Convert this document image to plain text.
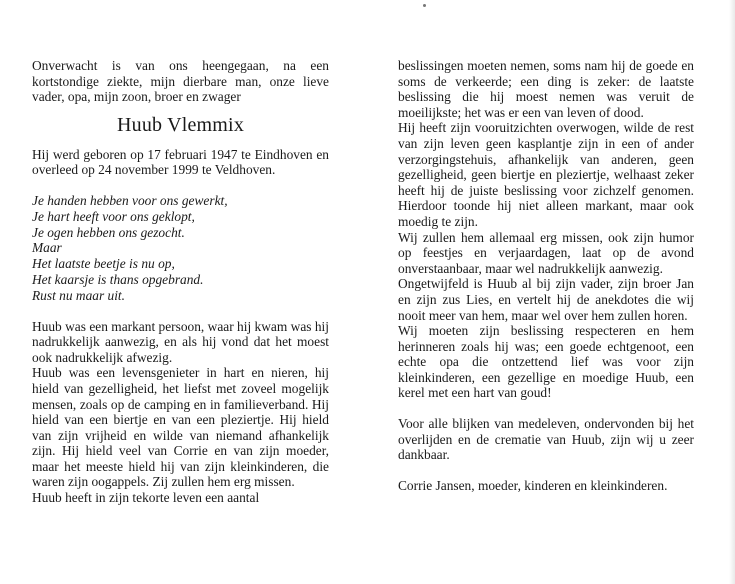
Onverwacht is van ons heengegaan, na een kortstondige ziekte, mijn dierbare man, onze lieve vader, opa, mijn zoon, broer en zwager

Huub Vlemmix

Hij werd geboren op 17 februari 1947 te Eindhoven en overleed op 24 november 1999 te Veldhoven.

Je handen hebben voor ons gewerkt,
Je hart heeft voor ons geklopt,
Je ogen hebben ons gezocht.
Maar
Het laatste beetje is nu op,
Het kaarsje is thans opgebrand.
Rust nu maar uit.

Huub was een markant persoon, waar hij kwam was hij nadrukkelijk aanwezig, en als hij vond dat het moest ook nadrukkelijk afwezig.

Huub was een levensgenieter in hart en nieren, hij hield van gezelligheid, het liefst met zoveel mogelijk mensen, zoals op de camping en in familieverband. Hij hield van een biertje en van een pleziertje. Hij hield van zijn vrijheid en wilde van niemand afhankelijk zijn. Hij hield veel van Corrie en van zijn moeder, maar het meeste hield hij van zijn kleinkinderen, die waren zijn oogappels. Zij zullen hem erg missen.

Huub heeft in zijn tekorte leven een aantal

beslissingen moeten nemen, soms nam hij de goede en soms de verkeerde; een ding is zeker: de laatste beslissing die hij moest nemen was veruit de moeilijkste; het was er een van leven of dood.

Hij heeft zijn vooruitzichten overwogen, wilde de rest van zijn leven geen kasplantje zijn in een of ander verzorgingstehuis, afhankelijk van anderen, geen gezelligheid, geen biertje en pleziertje, welhaast zeker heeft hij de juiste beslissing voor zichzelf genomen. Hierdoor toonde hij niet alleen markant, maar ook moedig te zijn.

Wij zullen hem allemaal erg missen, ook zijn humor op feestjes en verjaardagen, laat op de avond onverstaanbaar, maar wel nadrukkelijk aanwezig.

Ongetwijfeld is Huub al bij zijn vader, zijn broer Jan en zijn zus Lies, en vertelt hij de anekdotes die wij nooit meer van hem, maar wel over hem zullen horen.

Wij moeten zijn beslissing respecteren en hem herinneren zoals hij was; een goede echtgenoot, een echte opa die ontzettend lief was voor zijn kleinkinderen, een gezellige en moedige Huub, een kerel met een hart van goud!

Voor alle blijken van medeleven, ondervonden bij het overlijden en de crematie van Huub, zijn wij u zeer dankbaar.

Corrie Jansen, moeder, kinderen en kleinkinderen.
